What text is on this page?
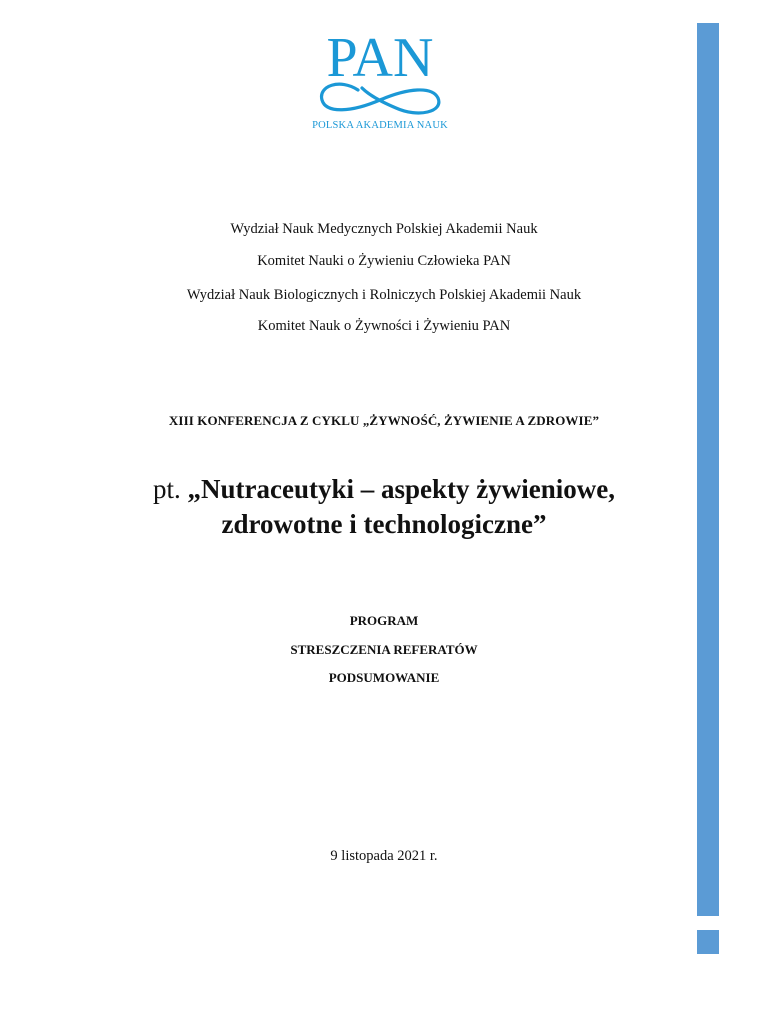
PAN
POLSKA AKADEMIA NAUK
Wydział Nauk Medycznych Polskiej Akademii Nauk
Komitet Nauki o Żywieniu Człowieka PAN
Wydział Nauk Biologicznych i Rolniczych Polskiej Akademii Nauk
Komitet Nauk o Żywności i Żywieniu PAN
XIII KONFERENCJA Z CYKLU „ŻYWNOŚĆ, ŻYWIENIE A ZDROWIE”
pt. „Nutraceutyki – aspekty żywieniowe,
zdrowotne i technologiczne”
PROGRAM
STRESZCZENIA REFERATÓW
PODSUMOWANIE
9 listopada 2021 r.
